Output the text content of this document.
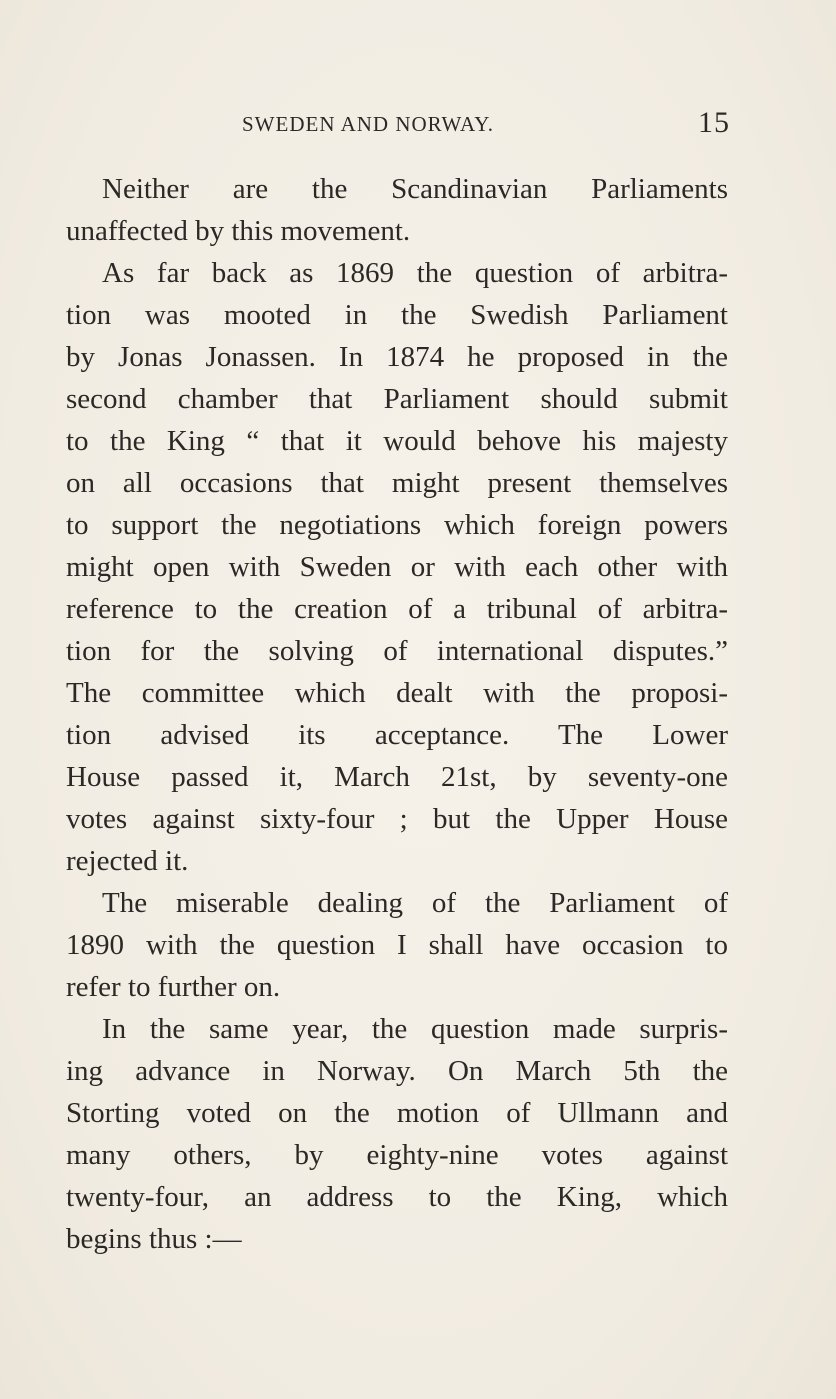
SWEDEN AND NORWAY.	15
Neither are the Scandinavian Parliaments
unaffected by this movement.
As far back as 1869 the question of arbitra-
tion was mooted in the Swedish Parliament
by Jonas Jonassen. In 1874 he proposed in the
second chamber that Parliament should submit
to the King “ that it would behove his majesty
on all occasions that might present themselves
to support the negotiations which foreign powers
might open with Sweden or with each other with
reference to the creation of a tribunal of arbitra-
tion for the solving of international disputes.”
The committee which dealt with the proposi-
tion advised its acceptance. The Lower
House passed it, March 21st, by seventy-one
votes against sixty-four ; but the Upper House
rejected it.
The miserable dealing of the Parliament of
1890 with the question I shall have occasion to
refer to further on.
In the same year, the question made surpris-
ing advance in Norway. On March 5th the
Storting voted on the motion of Ullmann and
many others, by eighty-nine votes against
twenty-four, an address to the King, which
begins thus :—
